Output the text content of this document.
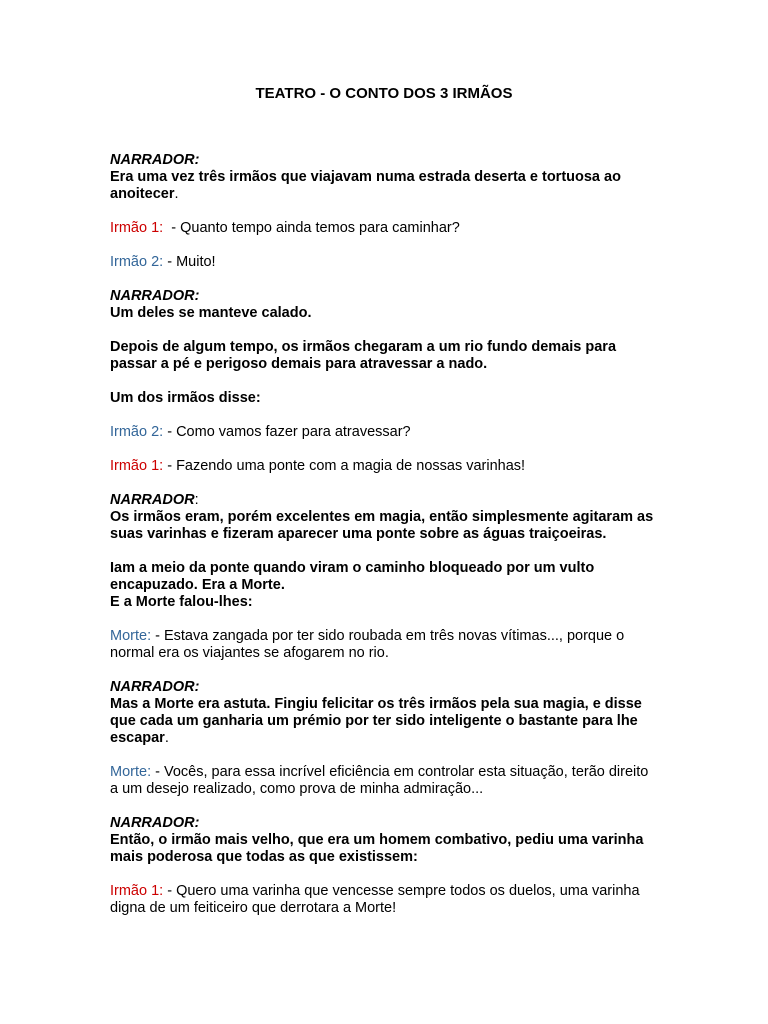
TEATRO - O CONTO DOS 3 IRMÃOS
NARRADOR:
Era uma vez três irmãos que viajavam numa estrada deserta e tortuosa ao anoitecer.
Irmão 1:  - Quanto tempo ainda temos para caminhar?
Irmão 2: - Muito!
NARRADOR:
Um deles se manteve calado.
Depois de algum tempo, os irmãos chegaram a um rio fundo demais para passar a pé e perigoso demais para atravessar a nado.
Um dos irmãos disse:
Irmão 2: - Como vamos fazer para atravessar?
Irmão 1: - Fazendo uma ponte com a magia de nossas varinhas!
NARRADOR:
Os irmãos eram, porém excelentes em magia, então simplesmente agitaram as suas varinhas e fizeram aparecer uma ponte sobre as águas traiçoeiras.
Iam a meio da ponte quando viram o caminho bloqueado por um vulto encapuzado. Era a Morte.
E a Morte falou-lhes:
Morte: - Estava zangada por ter sido roubada em três novas vítimas..., porque o normal era os viajantes se afogarem no rio.
NARRADOR:
Mas a Morte era astuta. Fingiu felicitar os três irmãos pela sua magia, e disse que cada um ganharia um prémio por ter sido inteligente o bastante para lhe escapar.
Morte: - Vocês, para essa incrível eficiência em controlar esta situação, terão direito a um desejo realizado, como prova de minha admiração...
NARRADOR:
Então, o irmão mais velho, que era um homem combativo, pediu uma varinha mais poderosa que todas as que existissem:
Irmão 1: - Quero uma varinha que vencesse sempre todos os duelos, uma varinha digna de um feiticeiro que derrotara a Morte!
